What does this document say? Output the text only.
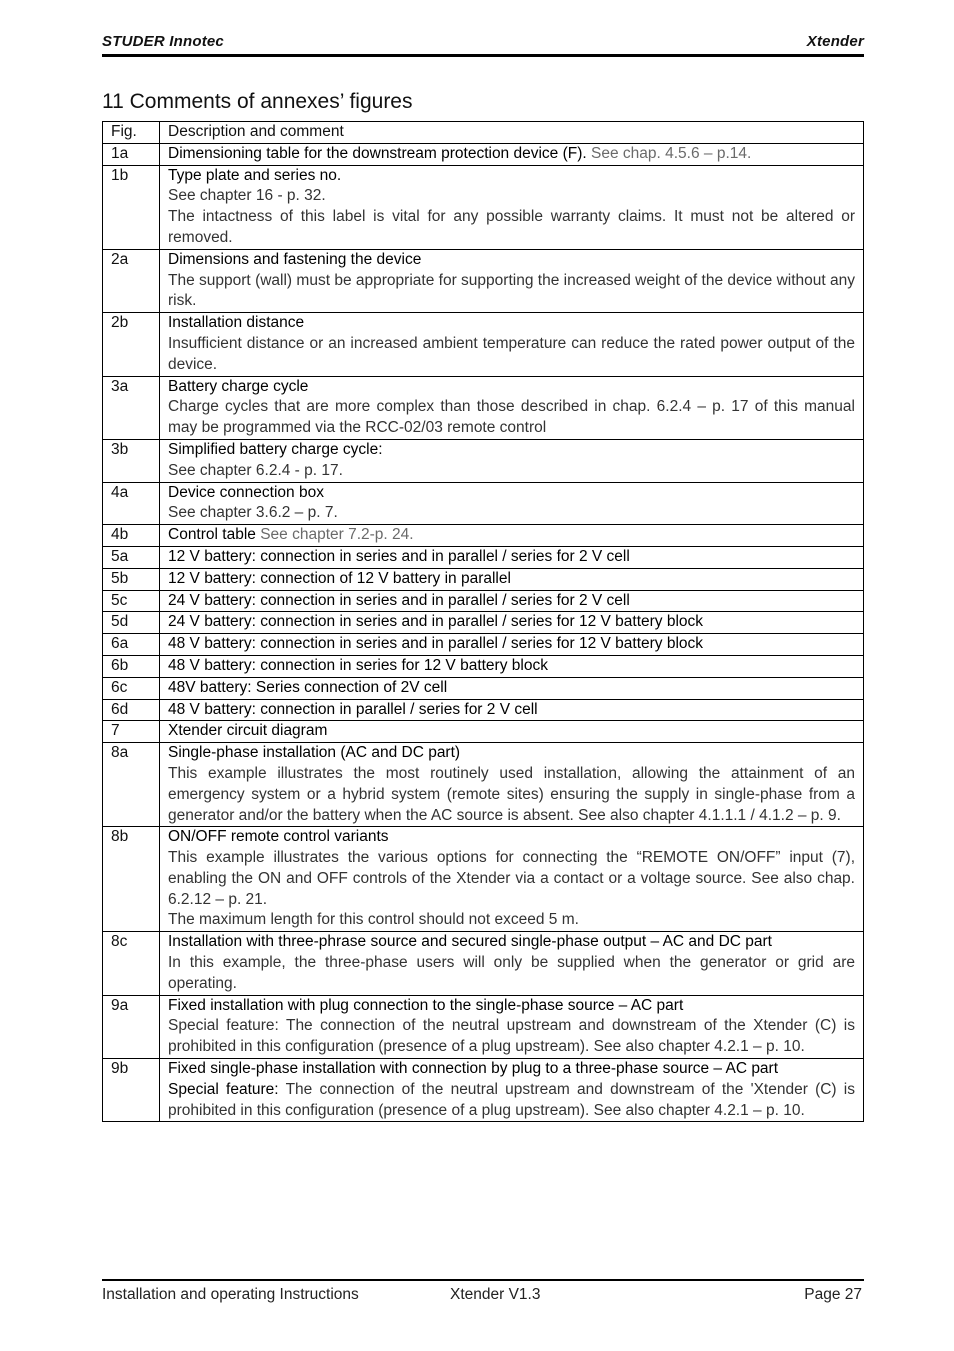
STUDER Innotec	Xtender
11 Comments of annexes’ figures
Fig.	Description and comment
1a	Dimensioning table for the downstream protection device (F). See chap. 4.5.6 – p.14.

1b	Type plate and series no.
See chapter 16 - p. 32.
The intactness of this label is vital for any possible warranty claims. It must not be altered or removed.

2a	Dimensions and fastening the device
The support (wall) must be appropriate for supporting the increased weight of the device without any risk.

2b	Installation distance
Insufficient distance or an increased ambient temperature can reduce the rated power output of the device.

3a	Battery charge cycle
Charge cycles that are more complex than those described in chap. 6.2.4 – p. 17 of this manual may be programmed via the RCC-02/03 remote control

3b	Simplified battery charge cycle:
See chapter 6.2.4 - p. 17.

4a	Device connection box
See chapter 3.6.2 – p. 7.

4b	Control table See chapter 7.2-p. 24.

5a	12 V battery: connection in series and in parallel / series for 2 V cell

5b	12 V battery: connection of 12 V battery in parallel

5c	24 V battery: connection in series and in parallel / series for 2 V cell

5d	24 V battery: connection in series and in parallel / series for 12 V battery block

6a	48 V battery: connection in series and in parallel / series for 12 V battery block

6b	48 V battery: connection in series for 12 V battery block

6c	48V battery: Series connection of 2V cell

6d	48 V battery: connection in parallel / series for 2 V cell

7	Xtender circuit diagram

8a	Single-phase installation (AC and DC part)
This example illustrates the most routinely used installation, allowing the attainment of an emergency system or a hybrid system (remote sites) ensuring the supply in single-phase from a generator and/or the battery when the AC source is absent. See also chapter 4.1.1.1 / 4.1.2 – p. 9.

8b	ON/OFF remote control variants
This example illustrates the various options for connecting the “REMOTE ON/OFF” input (7), enabling the ON and OFF controls of the Xtender via a contact or a voltage source. See also chap. 6.2.12 – p. 21.
The maximum length for this control should not exceed 5 m.

8c	Installation with three-phrase source and secured single-phase output – AC and DC part
In this example, the three-phase users will only be supplied when the generator or grid are operating.

9a	Fixed installation with plug connection to the single-phase source – AC part
Special feature: The connection of the neutral upstream and downstream of the Xtender (C) is prohibited in this configuration (presence of a plug upstream). See also chapter 4.2.1 – p. 10.

9b	Fixed single-phase installation with connection by plug to a three-phase source – AC part
Special feature: The connection of the neutral upstream and downstream of the 'Xtender (C) is prohibited in this configuration (presence of a plug upstream). See also chapter 4.2.1 – p. 10.
Installation and operating Instructions	Xtender V1.3	Page 27
